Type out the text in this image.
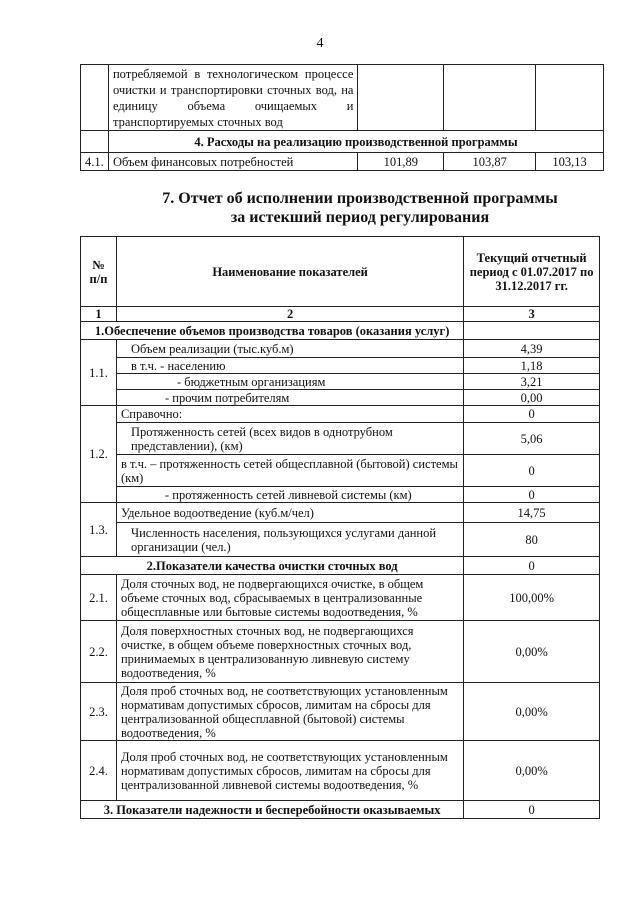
4
	потребляемой в технологическом процессе очистки и транспортировки сточных вод, на единицу объема очищаемых и транспортируемых сточных вод			
	4. Расходы на реализацию производственной программы			
4.1.	Объем финансовых потребностей	101,89	103,87	103,13
7. Отчет об исполнении производственной программы
за истекший период регулирования
№ п/п	Наименование показателей	Текущий отчетный период с 01.07.2017 по 31.12.2017 гг.
1	2	3
1.Обеспечение объемов производства товаров (оказания услуг)		
1.1.	Объем реализации (тыс.куб.м)	4,39
	в т.ч. - населению	1,18
	- бюджетным организациям	3,21
	- прочим потребителям	0,00
1.2.	Справочно:	0
	Протяженность сетей (всех видов в однотрубном представлении), (км)	5,06
	в т.ч. – протяженность сетей общесплавной (бытовой) системы (км)	0
	- протяженность сетей ливневой системы (км)	0
1.3.	Удельное водоотведение (куб.м/чел)	14,75
	Численность населения, пользующихся услугами данной организации (чел.)	80
2.Показатели качества очистки сточных вод		0
2.1.	Доля сточных вод, не подвергающихся очистке, в общем объеме сточных вод, сбрасываемых в централизованные общесплавные или бытовые системы водоотведения, %	100,00%
2.2.	Доля поверхностных сточных вод, не подвергающихся очистке, в общем объеме поверхностных сточных вод, принимаемых в централизованную ливневую систему водоотведения, %	0,00%
2.3.	Доля проб сточных вод, не соответствующих установленным нормативам допустимых сбросов, лимитам на сбросы для централизованной общесплавной (бытовой) системы водоотведения, %	0,00%
2.4.	Доля проб сточных вод, не соответствующих установленным нормативам допустимых сбросов, лимитам на сбросы для централизованной ливневой системы водоотведения, %	0,00%
3. Показатели надежности и бесперебойности оказываемых		0
